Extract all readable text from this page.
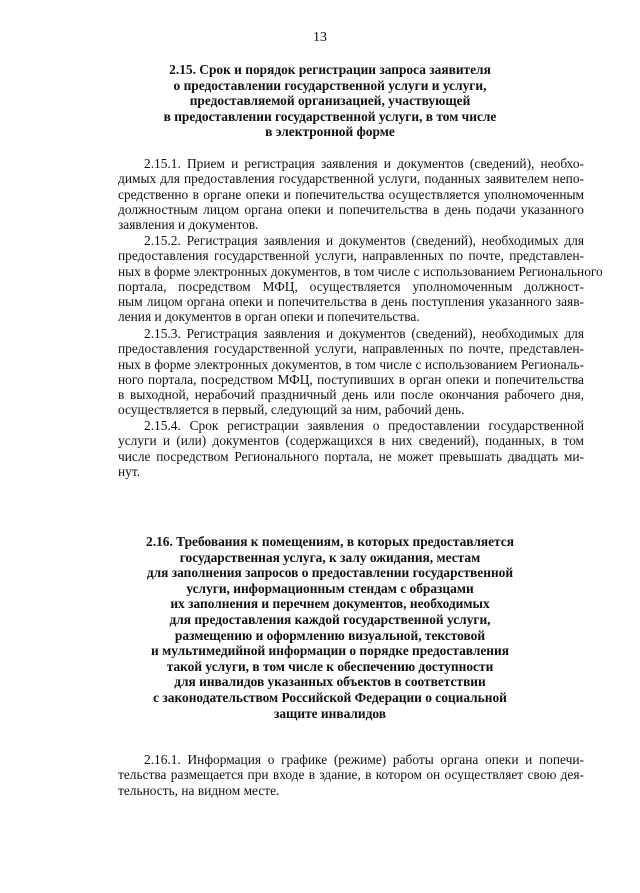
13
2.15. Срок и порядок регистрации запроса заявителя
о предоставлении государственной услуги и услуги,
предоставляемой организацией, участвующей
в предоставлении государственной услуги, в том числе
в электронной форме
2.15.1. Прием и регистрация заявления и документов (сведений), необхо-
димых для предоставления государственной услуги, поданных заявителем непо-
средственно в органе опеки и попечительства осуществляется уполномоченным
должностным лицом органа опеки и попечительства в день подачи указанного
заявления и документов.
2.15.2. Регистрация заявления и документов (сведений), необходимых для
предоставления государственной услуги, направленных по почте, представлен-
ных в форме электронных документов, в том числе с использованием Регионального
портала, посредством МФЦ, осуществляется уполномоченным должност-
ным лицом органа опеки и попечительства в день поступления указанного заяв-
ления и документов в орган опеки и попечительства.
2.15.3. Регистрация заявления и документов (сведений), необходимых для
предоставления государственной услуги, направленных по почте, представлен-
ных в форме электронных документов, в том числе с использованием Региональ-
ного портала, посредством МФЦ, поступивших в орган опеки и попечительства
в выходной, нерабочий праздничный день или после окончания рабочего дня,
осуществляется в первый, следующий за ним, рабочий день.
2.15.4. Срок регистрации заявления о предоставлении государственной
услуги и (или) документов (содержащихся в них сведений), поданных, в том
числе посредством Регионального портала, не может превышать двадцать ми-
нут.
2.16. Требования к помещениям, в которых предоставляется
государственная услуга, к залу ожидания, местам
для заполнения запросов о предоставлении государственной
услуги, информационным стендам с образцами
их заполнения и перечнем документов, необходимых
для предоставления каждой государственной услуги,
размещению и оформлению визуальной, текстовой
и мультимедийной информации о порядке предоставления
такой услуги, в том числе к обеспечению доступности
для инвалидов указанных объектов в соответствии
с законодательством Российской Федерации о социальной
защите инвалидов
2.16.1. Информация о графике (режиме) работы органа опеки и попечи-
тельства размещается при входе в здание, в котором он осуществляет свою дея-
тельность, на видном месте.
